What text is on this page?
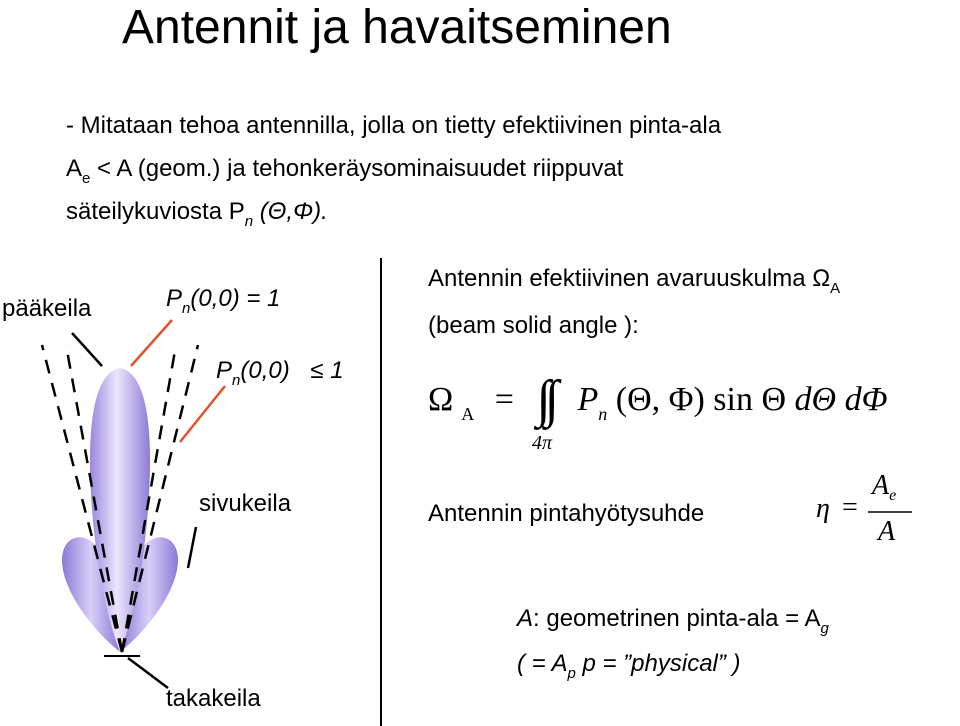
Antennit ja havaitseminen
- Mitataan tehoa antennilla, jolla on tietty efektiivinen pinta-ala
$A_e < A$ (geom.) ja tehonkeräysominaisuudet riippuvat
säteilykuviosta $P_n$ (Θ,Φ).
pääkeila	$P_n(0,0) = 1$
$P_n(0,0) \le 1$
sivukeila
takakeila
Antennin efektiivinen avaruuskulma $\Omega_A$
(beam solid angle ):
Ω $_A$ = ∫∫ $P_n$ (Θ, Φ) sin Θ dΘ dΦ
4π
Antennin pintahyötysuhde	η =
$A_e$
A
A: geometrinen pinta-ala = $A_g$
( = $A_p$ p = ”physical” )
